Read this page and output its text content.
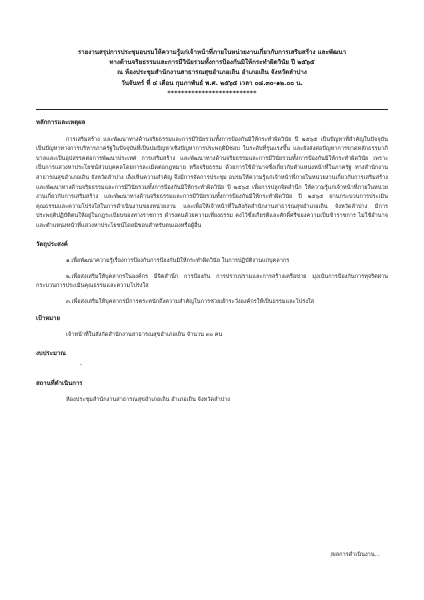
รายงานสรุปการประชุมอบรมให้ความรู้แก่เจ้าหน้าที่ภายในหน่วยงานเกี่ยวกับการเสริมสร้าง และพัฒนา
ทางด้านจริยธรรมและการมีวินัยรวมทั้งการป้องกันมิให้กระทำผิดวินัย ปี ๒๕๖๕
ณ ห้องประชุมสำนักงานสาธารณสุขอำเภอเถิน อำเภอเถิน จังหวัดลำปาง
วันจันทร์ ที่ ๔ เดือน กุมภาพันธ์ พ.ศ. ๒๕๖๕ เวลา ๐๘.๓๐-๑๒.๐๐ น.
**************************

หลักการและเหตุผล

การเสริมสร้าง และพัฒนาทางด้านจริยธรรมและการมีวินัยรวมทั้งการป้องกันมิให้กระทำผิดวินัย ปี ๒๕๖๕ เป็นปัญหาที่สำคัญในปัจจุบันเป็นปัญหาทางการบริหารภาครัฐในปัจจุบันที่เป็นปมปัญหาเชิงปัญหาการประพฤติมิชอบ ในระดับที่รุนแรงขึ้น และยังส่งต่อปัญหาการขาดหลักธรรมาภิบาลและเป็นอุปสรรคต่อการพัฒนาประเทศ การเสริมสร้าง และพัฒนาทางด้านจริยธรรมและการมีวินัยรวมทั้งการป้องกันมิให้กระทำผิดวินัย เพราะเป็นการแสวงหาประโยชน์ส่วนบุคคลโดยการละเมิดต่อกฎหมาย หรือจริยธรรม ด้วยการใช้อำนาจซึ่งเกี่ยวกับตำแหน่งหน้าที่ในภาครัฐ ทางสำนักงานสาธารณสุขอำเภอเถิน จังหวัดลำปาง เล็งเห็นความสำคัญ จึงมีการจัดการประชุม อบรมให้ความรู้แก่เจ้าหน้าที่ภายในหน่วยงานเกี่ยวกับการเสริมสร้าง และพัฒนาทางด้านจริยธรรมและการมีวินัยรวมทั้งการป้องกันมิให้กระทำผิดวินัย ปี ๒๕๖๕ เพื่อการปลูกจิตสำนึก ให้ความรู้แก่เจ้าหน้าที่ภายในหน่วยงานเกี่ยวกับการเสริมสร้าง และพัฒนาทางด้านจริยธรรมและการมีวินัยรวมทั้งการป้องกันมิให้กระทำผิดวินัย ปี ๒๕๖๕ ผ่านกระบวนการประเมินคุณธรรมและความโปร่งใสในการดำเนินงานของหน่วยงาน และเพื่อให้เจ้าหน้าที่ในสังกัดสำนักงานสาธารณสุขอำเภอเถิน จังหวัดลำปาง มีการประพฤติปฏิบัติตนให้อยู่ในกฎระเบียบของทางราชการ ดำรงตนด้วยความเที่ยงธรรม คงไว้ซึ่งเกียรติและศักดิ์ศรีของความเป็นข้าราชการ ไม่ใช้อำนาจและตำแหน่งหน้าที่แสวงหาประโยชน์โดยมิชอบสำหรับตนเองหรือผู้อื่น

วัตถุประสงค์

๑.เพื่อพัฒนาความรู้เรื่องการป้องกันการป้องกันมิให้กระทำผิดวินัย ในการปฏิบัติงานแก่บุคลากร

๒.เพื่อส่งเสริมให้บุคลากรในองค์กร มีจิตสำนึก การป้องกัน การปราบปรามและการสร้างเครือข่าย มุ่งเน้นการป้องกันการทุจริตผ่านกระบวนการประเมินคุณธรรมและความโปร่งใส

๓.เพื่อส่งเสริมให้บุคลากรมีการตระหนักถึงความสำคัญในการช่วยเฝ้าระวังองค์กรให้เป็นธรรมและโปร่งใส

เป้าหมาย

เจ้าหน้าที่ในสังกัดสำนักงานสาธารณสุขอำเภอเถิน จำนวน ๓๐ คน

งบประมาณ

-

สถานที่ดำเนินการ

ห้องประชุมสำนักงานสาธารณสุขอำเภอเถิน อำเภอเถิน จังหวัดลำปาง

/ผลการดำเนินงาน...
